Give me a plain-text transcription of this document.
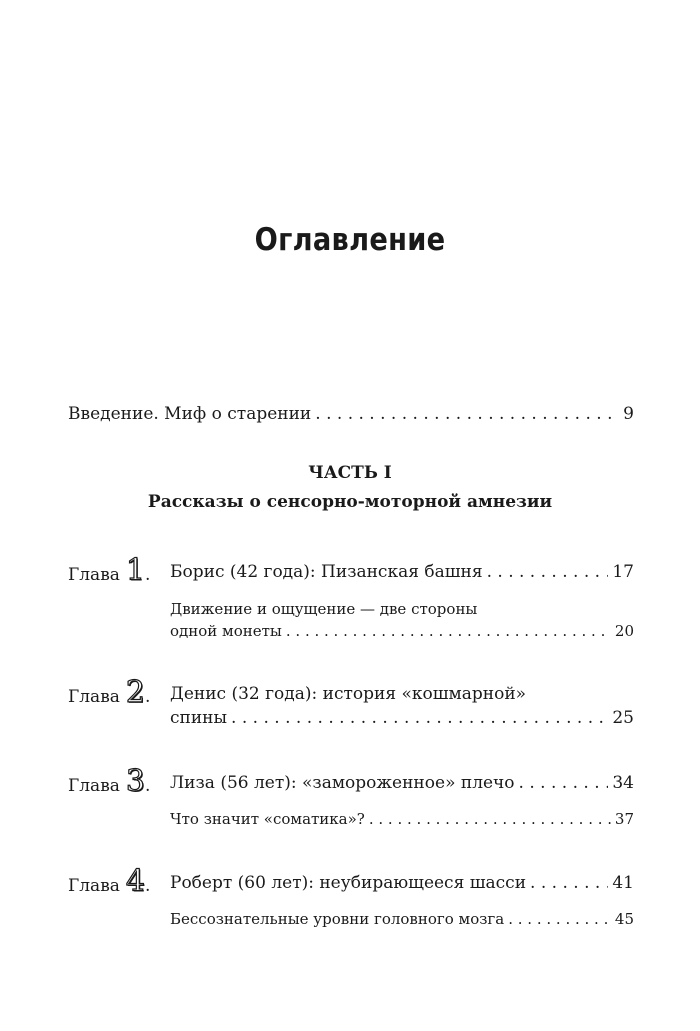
Оглавление
Введение. Миф о старении . . .	9
ЧАСТЬ I
Рассказы о сенсорно-моторной амнезии
Глава 1 . Борис (42 года): Пизанская башня . . .	17
Движение и ощущение — две стороны
одной монеты . . .	20
Глава 2 . Денис (32 года): история «кошмарной»
спины . . .	25
Глава 3 . Лиза (56 лет): «замороженное» плечо . . .	34
Что значит «соматика»? . . .	37
Глава 4 . Роберт (60 лет): неубирающееся шасси . . .	41
Бессознательные уровни головного мозга . . .	45
